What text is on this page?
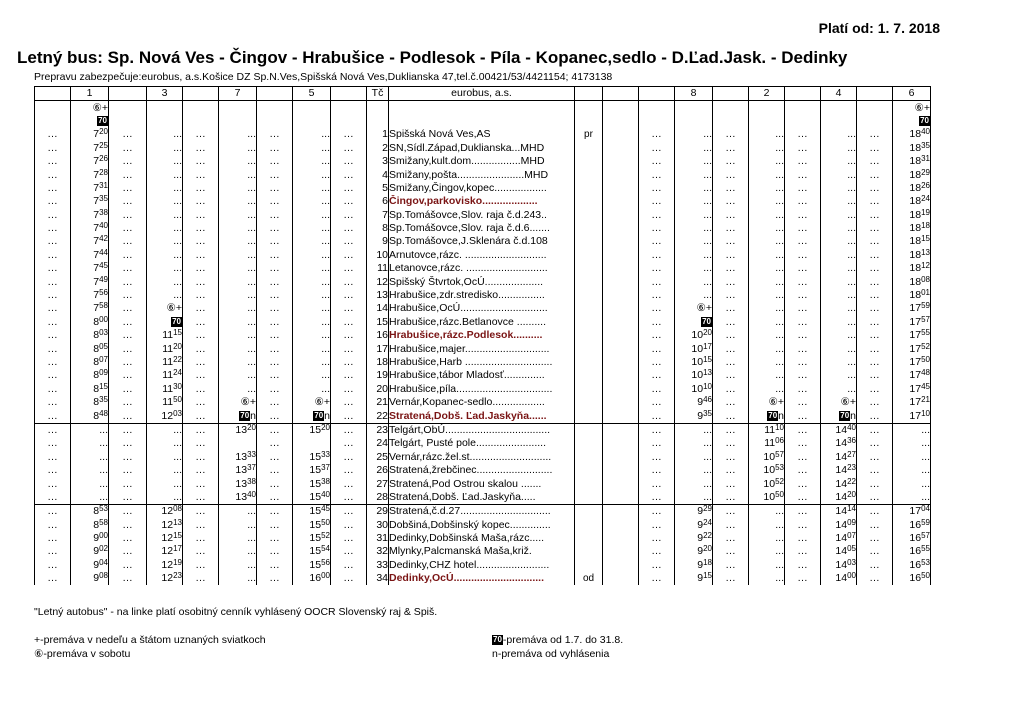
Platí od: 1. 7. 2018
Letný bus: Sp. Nová Ves - Čingov - Hrabušice - Podlesok - Píla - Kopanec,sedlo - D.Ľad.Jask. - Dedinky
Prepravu zabezpečuje:eurobus, a.s.Košice DZ Sp.N.Ves,Spišská Nová Ves,Duklianska 47,tel.č.00421/53/4421154; 4173138
	1		3		7		5		Tč	eurobus, a.s.				8		2		4		6
	⑥+																			⑥+
	70																			70
…	$7^{20}$	…	...	…	...	…	...	…	1	Spišská Nová Ves,AS	pr		…	...	…	...	…	...	…	$18^{40}$
…	$7^{25}$	…	...	…	...	…	...	…	2	SN,Sídl.Západ,Duklianska...MHD			…	...	…	...	…	...	…	$18^{35}$
…	$7^{26}$	…	...	…	...	…	...	…	3	Smižany,kult.dom.................MHD			…	...	…	...	…	...	…	$18^{31}$
…	$7^{28}$	…	...	…	...	…	...	…	4	Smižany,pošta.......................MHD			…	...	…	...	…	...	…	$18^{29}$
…	$7^{31}$	…	...	…	...	…	...	…	5	Smižany,Čingov,kopec..................			…	...	…	...	…	...	…	$18^{26}$
…	$7^{35}$	…	...	…	...	…	...	…	6	Čingov,parkovisko...................			…	...	…	...	…	...	…	$18^{24}$
…	$7^{38}$	…	...	…	...	…	...	…	7	Sp.Tomášovce,Slov. raja č.d.243..			…	...	…	...	…	...	…	$18^{19}$
…	$7^{40}$	…	...	…	...	…	...	…	8	Sp.Tomášovce,Slov. raja č.d.6.......			…	...	…	...	…	...	…	$18^{18}$
…	$7^{42}$	…	...	…	...	…	...	…	9	Sp.Tomášovce,J.Sklenára č.d.108			…	...	…	...	…	...	…	$18^{15}$
…	$7^{44}$	…	...	…	...	…	...	…	10	Arnutovce,rázc. ............................			…	...	…	...	…	...	…	$18^{13}$
…	$7^{45}$	…	...	…	...	…	...	…	11	Letanovce,rázc. ............................			…	...	…	...	…	...	…	$18^{12}$
…	$7^{49}$	…	...	…	...	…	...	…	12	Spišský Štvrtok,OcÚ....................			…	...	…	...	…	...	…	$18^{08}$
…	$7^{56}$	…	...	…	...	…	...	…	13	Hrabušice,zdr.stredisko................			…	...	…	...	…	...	…	$18^{01}$
…	$7^{58}$	…	⑥+	…	...	…	...	…	14	Hrabušice,OcÚ..............................			…	⑥+	…	...	…	...	…	$17^{59}$
…	$8^{00}$	…	70	…	...	…	...	…	15	Hrabušice,rázc.Betlanovce ..........			…	70	…	...	…	...	…	$17^{57}$
…	$8^{03}$	…	$11^{15}$	…	...	…	...	…	16	Hrabušice,rázc.Podlesok..........			…	$10^{20}$	…	...	…	...	…	$17^{55}$
…	$8^{05}$	…	$11^{20}$	…	...	…	...	…	17	Hrabušice,majer.............................			…	$10^{17}$	…	...	…	...	…	$17^{52}$
…	$8^{07}$	…	$11^{22}$	…	...	…	...	…	18	Hrabušice,Harb ..............................			…	$10^{15}$	…	...	…	...	…	$17^{50}$
…	$8^{09}$	…	$11^{24}$	…	...	…	...	…	19	Hrabušice,tábor Mladosť..............			…	$10^{13}$	…	...	…	...	…	$17^{48}$
…	$8^{15}$	…	$11^{30}$	…	...	…	...	…	20	Hrabušice,píla.................................			…	$10^{10}$	…	...	…	...	…	$17^{45}$
…	$8^{35}$	…	$11^{50}$	…	⑥+	…	⑥+	…	21	Vernár,Kopanec-sedlo..................			…	$9^{46}$	…	⑥+	…	⑥+	…	$17^{21}$
…	$8^{48}$	…	$12^{03}$	…	70n	…	70n	…	22	Stratená,Dobš. Ľad.Jaskyňa......			…	$9^{35}$	…	70n	…	70n	…	$17^{10}$
…	...	…	...	…	$13^{20}$	…	$15^{20}$	…	23	Telgárt,ObÚ....................................			…	...	…	$11^{10}$	…	$14^{40}$	…	...
…	...	…	...	…		…		…	24	Telgárt, Pusté pole........................			…	...	…	$11^{06}$	…	$14^{36}$	…	...
…	...	…	...	…	$13^{33}$	…	$15^{33}$	…	25	Vernár,rázc.žel.st............................			…	...	…	$10^{57}$	…	$14^{27}$	…	...
…	...	…	...	…	$13^{37}$	…	$15^{37}$	…	26	Stratená,žrebčinec..........................			…	...	…	$10^{53}$	…	$14^{23}$	…	...
…	...	…	...	…	$13^{38}$	…	$15^{38}$	…	27	Stratená,Pod Ostrou skalou .......			…	...	…	$10^{52}$	…	$14^{22}$	…	...
…	...	…	...	…	$13^{40}$	…	$15^{40}$	…	28	Stratená,Dobš. Ľad.Jaskyňa.....			…	...	…	$10^{50}$	…	$14^{20}$	…	...
…	$8^{53}$	…	$12^{08}$	…	...	…	$15^{45}$	…	29	Stratená,č.d.27...............................			…	$9^{29}$	…	...	…	$14^{14}$	…	$17^{04}$
…	$8^{58}$	…	$12^{13}$	…	...	…	$15^{50}$	…	30	Dobšiná,Dobšinský kopec..............			…	$9^{24}$	…	...	…	$14^{09}$	…	$16^{59}$
…	$9^{00}$	…	$12^{15}$	…	...	…	$15^{52}$	…	31	Dedinky,Dobšinská Maša,rázc.....			…	$9^{22}$	…	...	…	$14^{07}$	…	$16^{57}$
…	$9^{02}$	…	$12^{17}$	…	...	…	$15^{54}$	…	32	Mlynky,Palcmanská Maša,križ.			…	$9^{20}$	…	...	…	$14^{05}$	…	$16^{55}$
…	$9^{04}$	…	$12^{19}$	…	...	…	$15^{56}$	…	33	Dedinky,CHZ hotel.........................			…	$9^{18}$	…	...	…	$14^{03}$	…	$16^{53}$
…	$9^{08}$	…	$12^{23}$	…	...	…	$16^{00}$	…	34	Dedinky,OcÚ...............................	od		…	$9^{15}$	…	...	…	$14^{00}$	…	$16^{50}$
"Letný autobus" - na linke platí osobitný cenník vyhlásený OOCR Slovenský raj & Spiš.
+-premáva v nedeľu a štátom uznaných sviatkoch
⑥-premáva v sobotu
70-premáva od 1.7. do 31.8.
n-premáva od vyhlásenia
